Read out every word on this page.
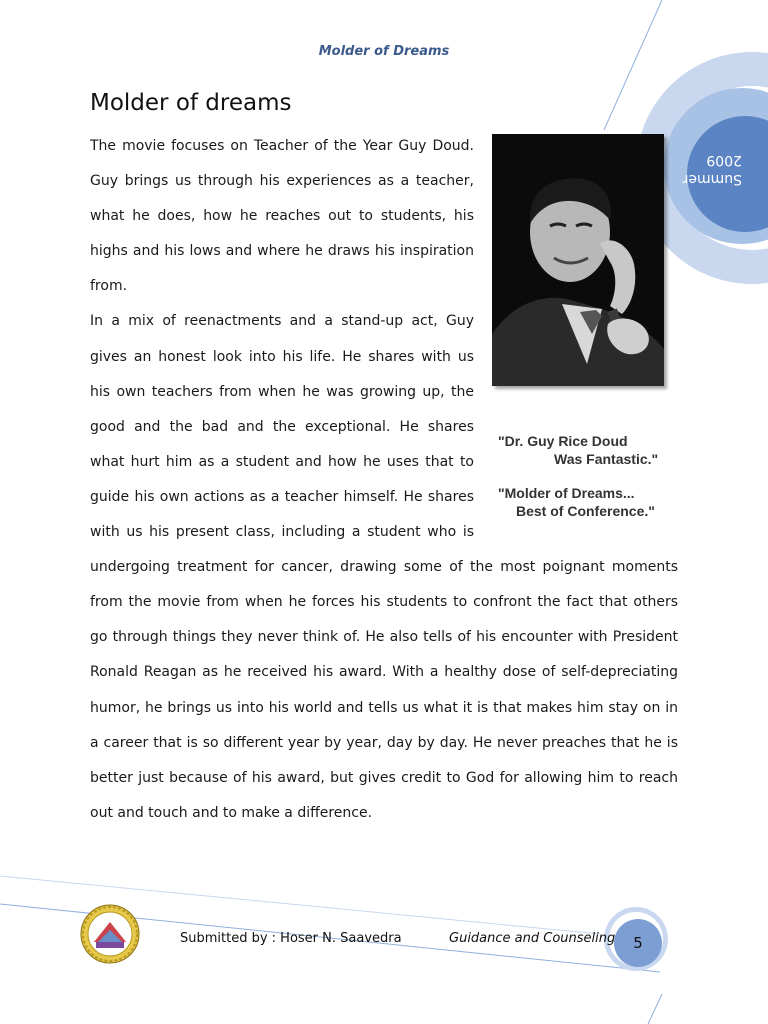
Summer 2009
Molder of Dreams
Molder of dreams

The movie focuses on Teacher of the Year Guy Doud. Guy brings us through his experiences as a teacher, what he does, how he reaches out to students, his highs and his lows and where he draws his inspiration from.

In a mix of reenactments and a stand-up act, Guy gives an honest look into his life. He shares with us his own teachers from when he was growing up, the good and the bad and the exceptional. He shares what hurt him as a student and how he uses that to guide his own actions as a teacher himself. He shares with us his present class, including a student who is undergoing treatment for cancer, drawing some of the most poignant moments from the movie from when he forces his students to confront the fact that others go through things they never think of. He also tells of his encounter with President Ronald Reagan as he received his award. With a healthy dose of self-depreciating humor, he brings us into his world and tells us what it is that makes him stay on in a career that is so different year by year, day by day. He never preaches that he is better just because of his award, but gives credit to God for allowing him to reach out and touch and to make a difference.

"Dr. Guy Rice Doud
Was Fantastic."
"Molder of Dreams...
Best of Conference."
Submitted by : Hoser N. Saavedra	Guidance and Counseling	5
